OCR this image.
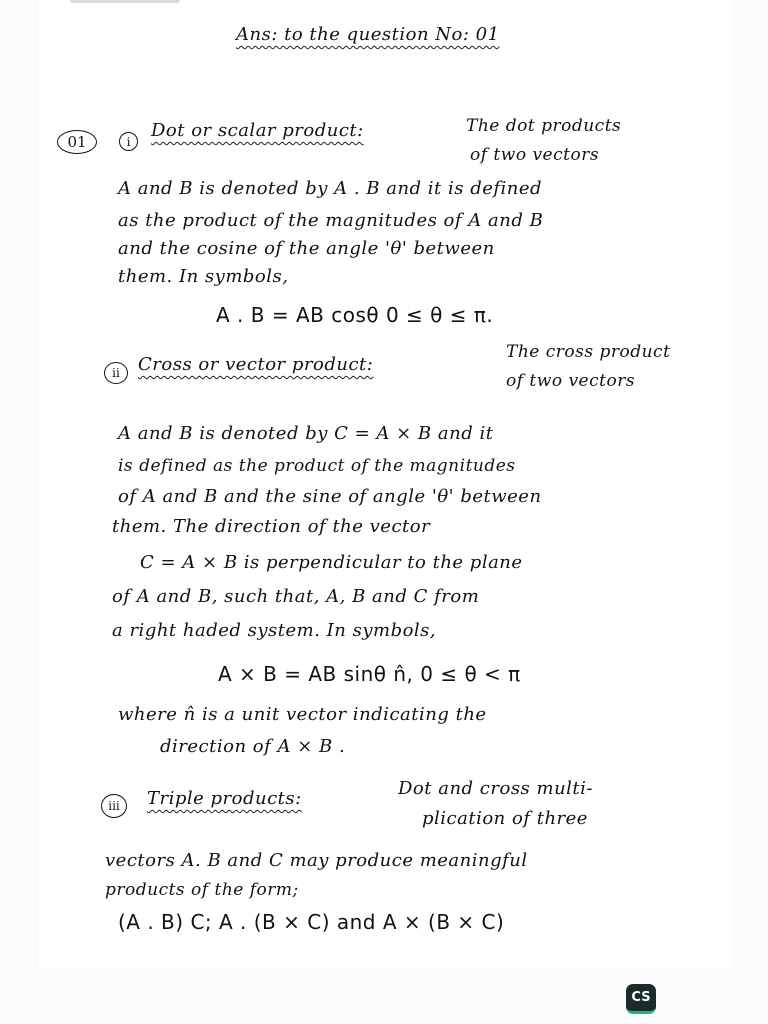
Ans: to the question No: 01
01	i
Dot or scalar product:	The dot products
of two vectors
A and B is denoted by A . B and it is defined
as the product of the magnitudes of A and B
and the cosine of the angle 'θ' between
them. In symbols,
A . B = AB cosθ 0 ≤ θ ≤ π.
ii	Cross or vector product:
The cross product
of two vectors
A and B is denoted by C = A × B and it
is defined as the product of the magnitudes
of A and B and the sine of angle 'θ' between
them. The direction of the vector
C = A × B is perpendicular to the plane
of A and B, such that, A, B and C from
a right haded system. In symbols,
A × B = AB sinθ n̂, 0 ≤ θ < π
where n̂ is a unit vector indicating the
direction of A × B .
iii	Triple products:	Dot and cross multi-
plication of three
vectors A. B and C may produce meaningful
products of the form;
(A . B) C; A . (B × C) and A × (B × C)
CS
